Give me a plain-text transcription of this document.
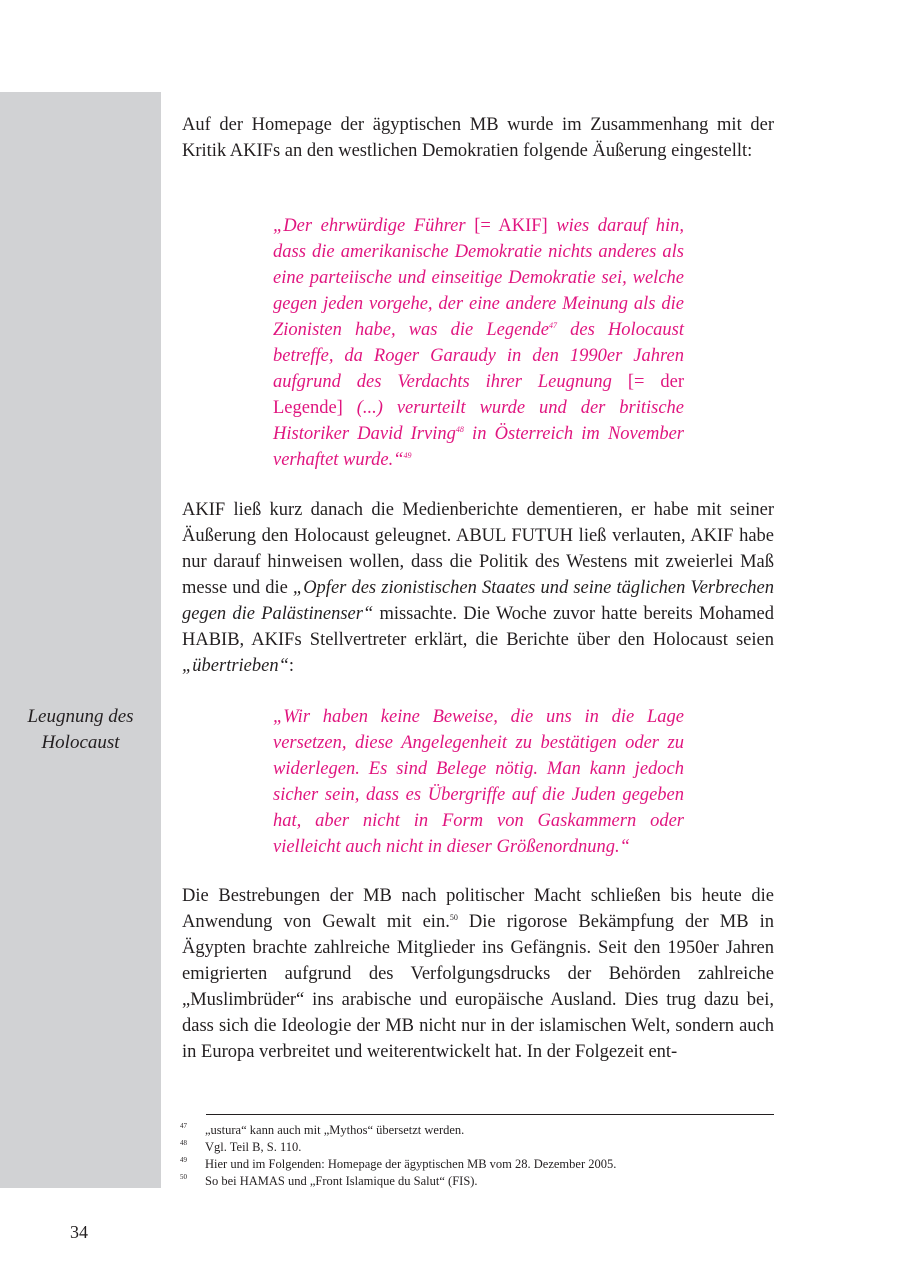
Leugnung des
Holocaust

Auf der Homepage der ägyptischen MB wurde im Zusammenhang mit der Kritik AKIFs an den westlichen Demokratien folgende Äußerung eingestellt:

„Der ehrwürdige Führer [= AKIF] wies darauf hin, dass die amerikanische Demokratie nichts anderes als eine parteiische und einseitige Demokratie sei, welche gegen jeden vorgehe, der eine andere Meinung als die Zionisten habe, was die Legende$^{47}$ des Holocaust betreffe, da Roger Garaudy in den 1990er Jahren aufgrund des Verdachts ihrer Leugnung [= der Legende] (...) verurteilt wurde und der britische Historiker David Irving$^{48}$ in Österreich im November verhaftet wurde.“$^{49}$

AKIF ließ kurz danach die Medienberichte dementieren, er habe mit seiner Äußerung den Holocaust geleugnet. ABUL FUTUH ließ verlauten, AKIF habe nur darauf hinweisen wollen, dass die Politik des Westens mit zweierlei Maß messe und die „Opfer des zionistischen Staates und seine täglichen Verbrechen gegen die Palästinenser“ missachte. Die Woche zuvor hatte bereits Mohamed HABIB, AKIFs Stellvertreter erklärt, die Berichte über den Holocaust seien „übertrieben“:

„Wir haben keine Beweise, die uns in die Lage versetzen, diese Angelegenheit zu bestätigen oder zu widerlegen. Es sind Belege nötig. Man kann jedoch sicher sein, dass es Übergriffe auf die Juden gegeben hat, aber nicht in Form von Gaskammern oder vielleicht auch nicht in dieser Größenordnung.“

Die Bestrebungen der MB nach politischer Macht schließen bis heute die Anwendung von Gewalt mit ein.$^{50}$ Die rigorose Bekämpfung der MB in Ägypten brachte zahlreiche Mitglieder ins Gefängnis. Seit den 1950er Jahren emigrierten aufgrund des Verfolgungsdrucks der Behörden zahlreiche „Muslimbrüder“ ins arabische und europäische Ausland. Dies trug dazu bei, dass sich die Ideologie der MB nicht nur in der islamischen Welt, sondern auch in Europa verbreitet und weiterentwickelt hat. In der Folgezeit ent-

47 „ustura“ kann auch mit „Mythos“ übersetzt werden.
48 Vgl. Teil B, S. 110.
49 Hier und im Folgenden: Homepage der ägyptischen MB vom 28. Dezember 2005.
50 So bei HAMAS und „Front Islamique du Salut“ (FIS).
34
